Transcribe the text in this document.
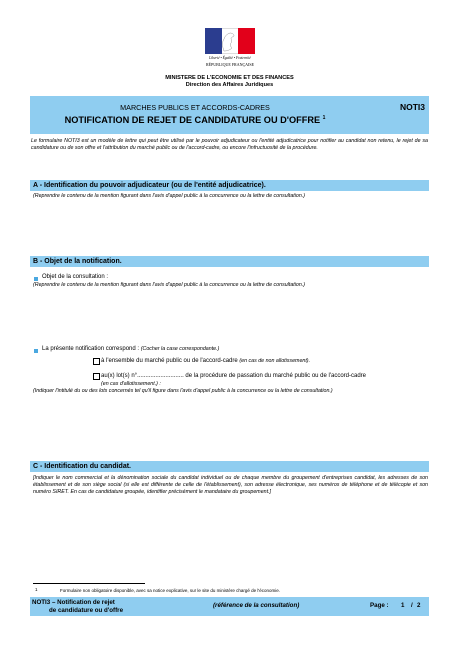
Liberté • Égalité • Fraternité
RÉPUBLIQUE FRANÇAISE
MINISTERE DE L'ECONOMIE ET DES FINANCES
Direction des Affaires Juridiques
MARCHES PUBLICS ET ACCORDS-CADRES
NOTIFICATION DE REJET DE CANDIDATURE OU D'OFFRE $^1$
NOTI3
Le formulaire NOTI3 est un modèle de lettre qui peut être utilisé par le pouvoir adjudicateur ou l'entité adjudicatrice pour notifier au candidat non retenu, le rejet de sa candidature ou de son offre et l'attribution du marché public ou de l'accord-cadre, ou encore l'infructuosité de la procédure.
A - Identification du pouvoir adjudicateur (ou de l'entité adjudicatrice).
(Reprendre le contenu de la mention figurant dans l'avis d'appel public à la concurrence ou la lettre de consultation.)
B - Objet de la notification.
Objet de la consultation :
(Reprendre le contenu de la mention figurant dans l'avis d'appel public à la concurrence ou la lettre de consultation.)
La présente notification correspond : (Cocher la case correspondante.)
à l'ensemble du marché public ou de l'accord-cadre (en cas de non allotissement).
au(x) lot(s) n°............................ de la procédure de passation du marché public ou de l'accord-cadre
(en cas d'allotissement.) :
(Indiquer l'intitulé du ou des lots concernés tel qu'il figure dans l'avis d'appel public à la concurrence ou la lettre de consultation.)
C - Identification du candidat.
[Indiquer le nom commercial et la dénomination sociale du candidat individuel ou de chaque membre du groupement d'entreprises candidat, les adresses de son établissement et de son siège social (si elle est différente de celle de l'établissement), son adresse électronique, ses numéros de téléphone et de télécopie et son numéro SIRET. En cas de candidature groupée, identifier précisément le mandataire du groupement.]
1	Formulaire non obligatoire disponible, avec sa notice explicative, sur le site du ministère chargé de l'économie.
NOTI3 – Notification de rejet
de candidature ou d'offre
(référence de la consultation)	Page : 1 / 2
